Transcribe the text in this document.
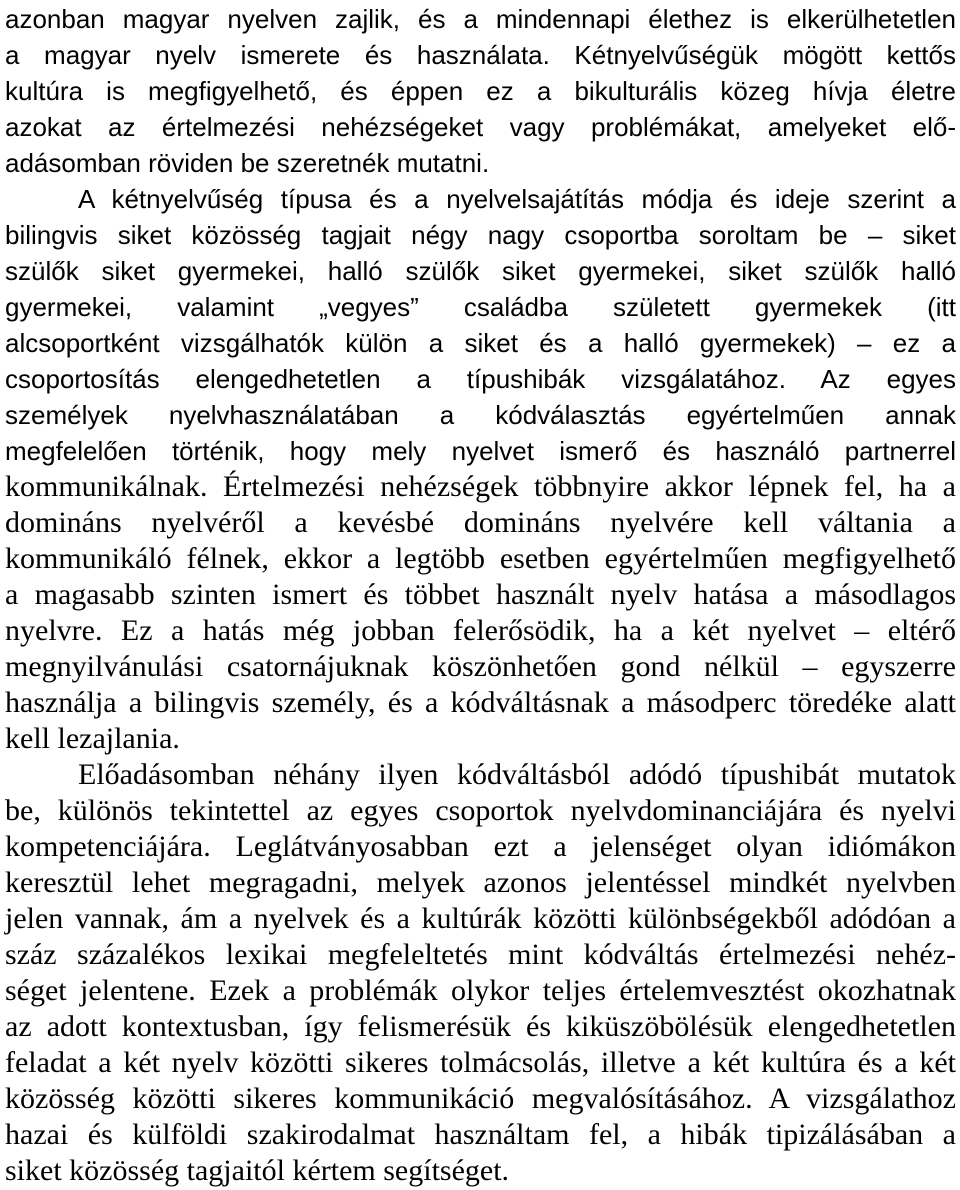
azonban magyar nyelven zajlik, és a mindennapi élethez is elkerülhetetlen
a magyar nyelv ismerete és használata. Kétnyelvűségük mögött kettős
kultúra is megfigyelhető, és éppen ez a bikulturális közeg hívja életre
azokat az értelmezési nehézségeket vagy problémákat, amelyeket elő-
adásomban röviden be szeretnék mutatni.
A kétnyelvűség típusa és a nyelvelsajátítás módja és ideje szerint a
bilingvis siket közösség tagjait négy nagy csoportba soroltam be – siket
szülők siket gyermekei, halló szülők siket gyermekei, siket szülők halló
gyermekei, valamint „vegyes” családba született gyermekek (itt
alcsoportként vizsgálhatók külön a siket és a halló gyermekek) – ez a
csoportosítás elengedhetetlen a típushibák vizsgálatához. Az egyes
személyek nyelvhasználatában a kódválasztás egyértelműen annak
megfelelően történik, hogy mely nyelvet ismerő és használó partnerrel
kommunikálnak. Értelmezési nehézségek többnyire akkor lépnek fel, ha a
domináns nyelvéről a kevésbé domináns nyelvére kell váltania a
kommunikáló félnek, ekkor a legtöbb esetben egyértelműen megfigyelhető
a magasabb szinten ismert és többet használt nyelv hatása a másodlagos
nyelvre. Ez a hatás még jobban felerősödik, ha a két nyelvet – eltérő
megnyilvánulási csatornájuknak köszönhetően gond nélkül – egyszerre
használja a bilingvis személy, és a kódváltásnak a másodperc töredéke alatt
kell lezajlania.
Előadásomban néhány ilyen kódváltásból adódó típushibát mutatok
be, különös tekintettel az egyes csoportok nyelvdominanciájára és nyelvi
kompetenciájára. Leglátványosabban ezt a jelenséget olyan idiómákon
keresztül lehet megragadni, melyek azonos jelentéssel mindkét nyelvben
jelen vannak, ám a nyelvek és a kultúrák közötti különbségekből adódóan a
száz százalékos lexikai megfeleltetés mint kódváltás értelmezési nehéz-
séget jelentene. Ezek a problémák olykor teljes értelemvesztést okozhatnak
az adott kontextusban, így felismerésük és kiküszöbölésük elengedhetetlen
feladat a két nyelv közötti sikeres tolmácsolás, illetve a két kultúra és a két
közösség közötti sikeres kommunikáció megvalósításához. A vizsgálathoz
hazai és külföldi szakirodalmat használtam fel, a hibák tipizálásában a
siket közösség tagjaitól kértem segítséget.
